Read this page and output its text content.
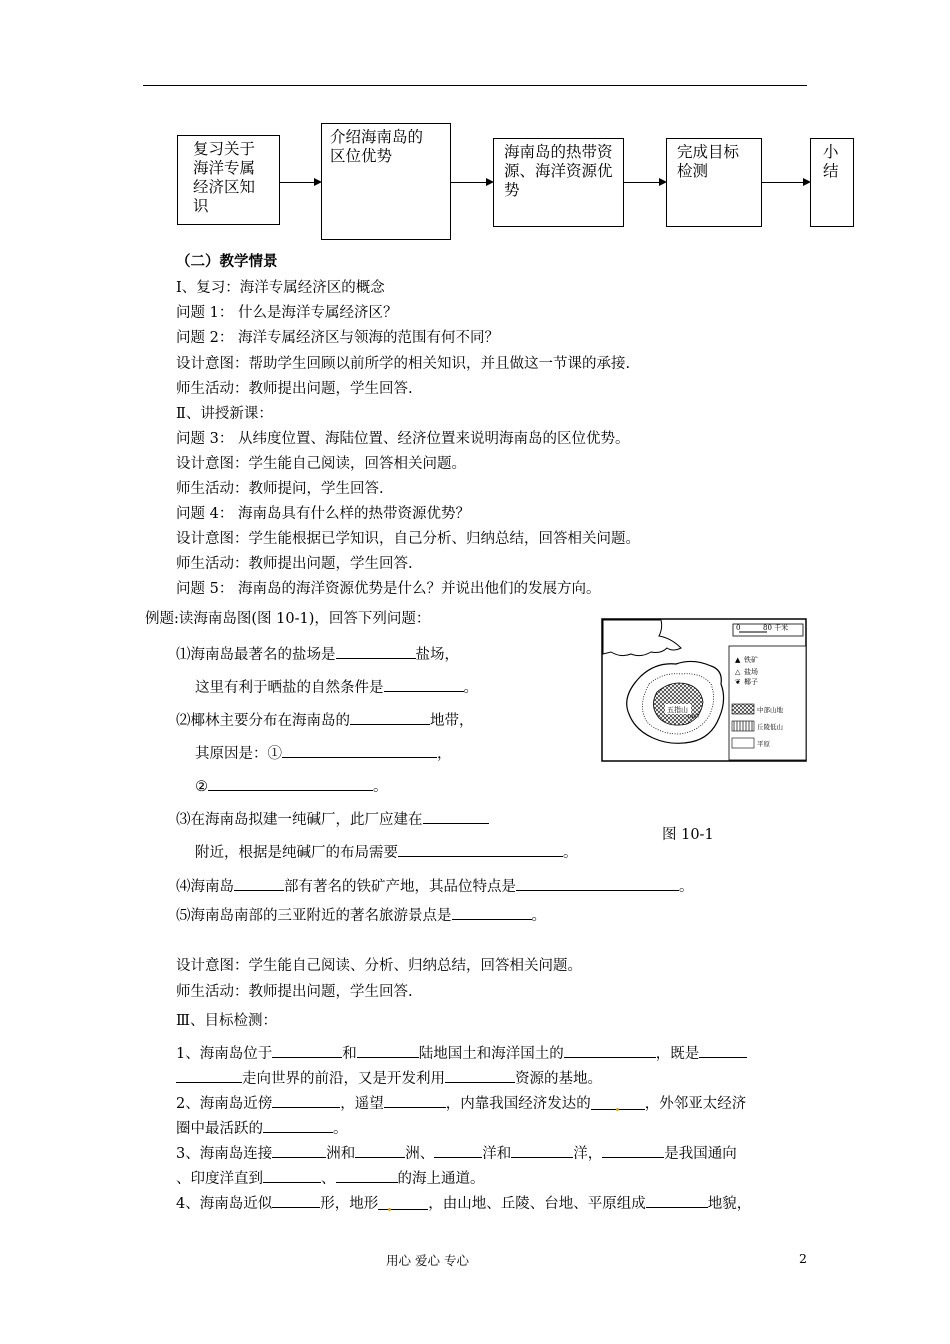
复习关于海洋专属经济区知识
介绍海南岛的区位优势	海南岛的热带资源、海洋资源优势
完成目标检测
小结
（二）教学情景
Ⅰ、复习：海洋专属经济区的概念
问题 1： 什么是海洋专属经济区？
问题 2： 海洋专属经济区与领海的范围有何不同？
设计意图：帮助学生回顾以前所学的相关知识，并且做这一节课的承接.
师生活动：教师提出问题，学生回答.
Ⅱ、讲授新课：
问题 3： 从纬度位置、海陆位置、经济位置来说明海南岛的区位优势。
设计意图：学生能自己阅读，回答相关问题。
师生活动：教师提问，学生回答.
问题 4： 海南岛具有什么样的热带资源优势？
设计意图：学生能根据已学知识，自己分析、归纳总结，回答相关问题。
师生活动：教师提出问题，学生回答.
问题 5： 海南岛的海洋资源优势是什么？并说出他们的发展方向。
例题:读海南岛图(图 10-1)，回答下列问题：
⑴海南岛最著名的盐场是	盐场，
这里有利于晒盐的自然条件是	。
⑵椰林主要分布在海南岛的	地带，
其原因是：①	，
②	。
⑶在海南岛拟建一纯碱厂，此厂应建在
附近，根据是纯碱厂的布局需要	。
⑷海南岛	部有著名的铁矿产地，其品位特点是	。
⑸海南岛南部的三亚附近的著名旅游景点是	。
图 10-1
0	80 千米
五指山
1867
▲ 铁矿
△ 盐场
❦ 椰子
中部山地
丘陵低山
平原
设计意图：学生能自己阅读、分析、归纳总结，回答相关问题。
师生活动：教师提出问题，学生回答.
Ⅲ、目标检测：
1、海南岛位于	和	陆地国土和海洋国土的	，既是
走向世界的前沿，又是开发利用	资源的基地。
2、海南岛近傍	，遥望	，内靠我国经济发达的	，外邻亚太经济
圈中最活跃的	。
3、海南岛连接	洲和	洲、	洋和	洋，	是我国通向
、印度洋直到	、	的海上通道。
4、海南岛近似	形，地形	，由山地、丘陵、台地、平原组成	地貌，
用心 爱心 专心	2
